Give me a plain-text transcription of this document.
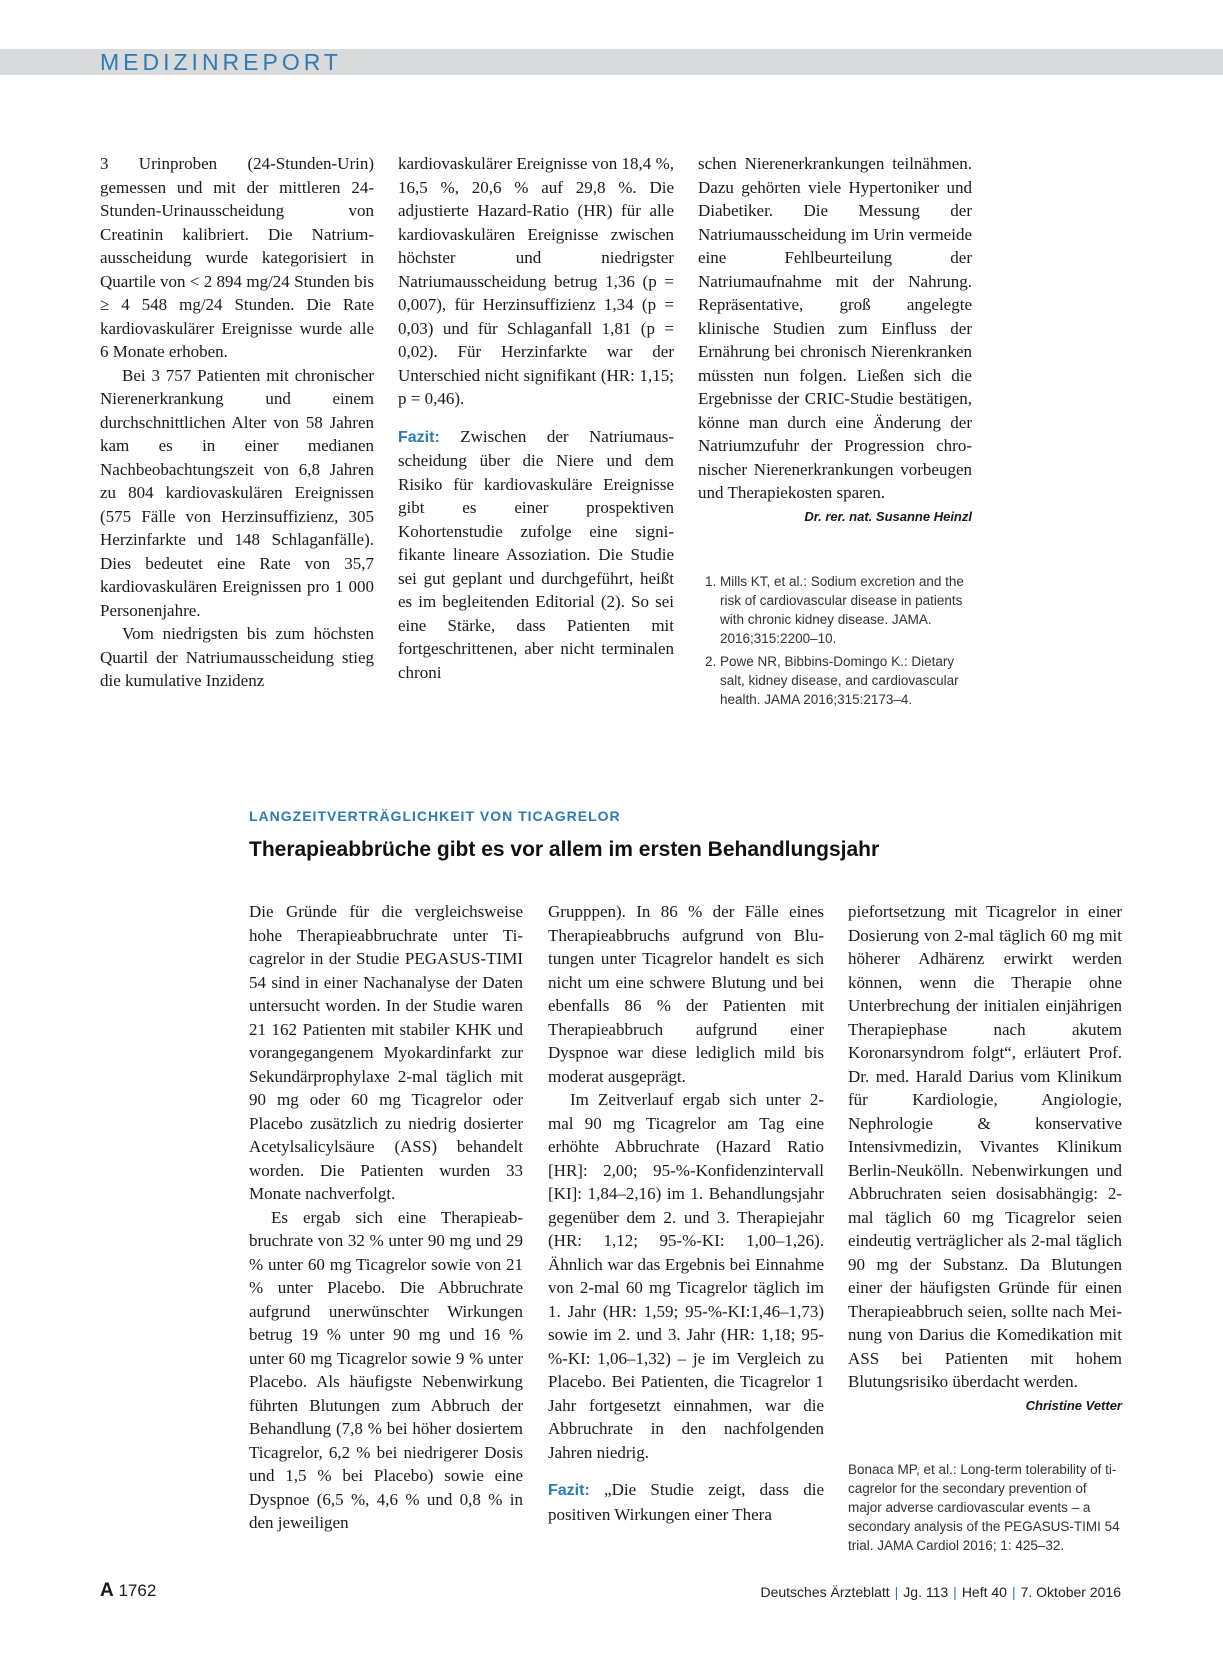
MEDIZINREPORT

3 Urinproben (24-Stunden-Urin) gemessen und mit der mittleren 24-Stunden-Urinausscheidung von Creatinin kalibriert. Die Natriumausscheidung wurde kategorisiert in Quartile von < 2 894 mg/24 Stunden bis ≥ 4 548 mg/24 Stunden. Die Rate kardiovaskulärer Ereignisse wurde alle 6 Monate erhoben.

Bei 3 757 Patienten mit chronischer Nierenerkrankung und einem durchschnittlichen Alter von 58 Jahren kam es in einer medianen Nachbeobachtungszeit von 6,8 Jahren zu 804 kardiovaskulären Ereignissen (575 Fälle von Herzinsuffizienz, 305 Herzinfarkte und 148 Schlaganfälle). Dies bedeutet eine Rate von 35,7 kardiovaskulären Ereignissen pro 1 000 Personenjahre.

Vom niedrigsten bis zum höchsten Quartil der Natriumausscheidung stieg die kumulative Inzidenz

kardiovaskulärer Ereignisse von 18,4 %, 16,5 %, 20,6 % auf 29,8 %. Die adjustierte Hazard-Ratio (HR) für alle kardiovaskulären Ereignisse zwischen höchster und niedrigster Natriumausscheidung betrug 1,36 (p = 0,007), für Herzinsuffizienz 1,34 (p = 0,03) und für Schlaganfall 1,81 (p = 0,02). Für Herzinfarkte war der Unterschied nicht signifikant (HR: 1,15; p = 0,46).

Fazit: Zwischen der Natriumausscheidung über die Niere und dem Risiko für kardiovaskuläre Ereignisse gibt es einer prospektiven Kohortenstudie zufolge eine signifikante lineare Assoziation. Die Studie sei gut geplant und durchgeführt, heißt es im begleitenden Editorial (2). So sei eine Stärke, dass Patienten mit fortgeschrittenen, aber nicht terminalen chroni

schen Nierenerkrankungen teilnähmen. Dazu gehörten viele Hypertoniker und Diabetiker. Die Messung der Natriumausscheidung im Urin vermeide eine Fehlbeurteilung der Natriumaufnahme mit der Nahrung. Repräsentative, groß angelegte klinische Studien zum Einfluss der Ernährung bei chronisch Nierenkranken müssten nun folgen. Ließen sich die Ergebnisse der CRIC-Studie bestätigen, könne man durch eine Änderung der Natriumzufuhr der Progression chronischer Nierenerkrankungen vorbeugen und Therapiekosten sparen.
Dr. rer. nat. Susanne Heinzl

1. Mills KT, et al.: Sodium excretion and the risk of cardiovascular disease in patients with chronic kidney disease. JAMA. 2016;315:2200–10.
2. Powe NR, Bibbins-Domingo K.: Dietary salt, kidney disease, and cardiovascular health. JAMA 2016;315:2173–4.
LANGZEITVERTRÄGLICHKEIT VON TICAGRELOR
Therapieabbrüche gibt es vor allem im ersten Behandlungsjahr

Die Gründe für die vergleichsweise hohe Therapieabbruchrate unter Ticagrelor in der Studie PEGASUS-TIMI 54 sind in einer Nachanalyse der Daten untersucht worden. In der Studie waren 21 162 Patienten mit stabiler KHK und vorangegangenem Myokardinfarkt zur Sekundärprophylaxe 2-mal täglich mit 90 mg oder 60 mg Ticagrelor oder Placebo zusätzlich zu niedrig dosierter Acetylsalicylsäure (ASS) behandelt worden. Die Patienten wurden 33 Monate nachverfolgt.

Es ergab sich eine Therapieabbruchrate von 32 % unter 90 mg und 29 % unter 60 mg Ticagrelor sowie von 21 % unter Placebo. Die Abbruchrate aufgrund unerwünschter Wirkungen betrug 19 % unter 90 mg und 16 % unter 60 mg Ticagrelor sowie 9 % unter Placebo. Als häufigste Nebenwirkung führten Blutungen zum Abbruch der Behandlung (7,8 % bei höher dosiertem Ticagrelor, 6,2 % bei niedrigerer Dosis und 1,5 % bei Placebo) sowie eine Dyspnoe (6,5 %, 4,6 % und 0,8 % in den jeweiligen

Grupppen). In 86 % der Fälle eines Therapieabbruchs aufgrund von Blutungen unter Ticagrelor handelt es sich nicht um eine schwere Blutung und bei ebenfalls 86 % der Patienten mit Therapieabbruch aufgrund einer Dyspnoe war diese lediglich mild bis moderat ausgeprägt.

Im Zeitverlauf ergab sich unter 2-mal 90 mg Ticagrelor am Tag eine erhöhte Abbruchrate (Hazard Ratio [HR]: 2,00; 95-%-Konfidenzintervall [KI]: 1,84–2,16) im 1. Behandlungsjahr gegenüber dem 2. und 3. Therapiejahr (HR: 1,12; 95-%-KI: 1,00–1,26). Ähnlich war das Ergebnis bei Einnahme von 2-mal 60 mg Ticagrelor täglich im 1. Jahr (HR: 1,59; 95-%-KI:1,46–1,73) sowie im 2. und 3. Jahr (HR: 1,18; 95-%-KI: 1,06–1,32) – je im Vergleich zu Placebo. Bei Patienten, die Ticagrelor 1 Jahr fortgesetzt einnahmen, war die Abbruchrate in den nachfolgenden Jahren niedrig.

Fazit: „Die Studie zeigt, dass die positiven Wirkungen einer Thera

piefortsetzung mit Ticagrelor in einer Dosierung von 2-mal täglich 60 mg mit höherer Adhärenz erwirkt werden können, wenn die Therapie ohne Unterbrechung der initialen einjährigen Therapiephase nach akutem Koronarsyndrom folgt“, erläutert Prof. Dr. med. Harald Darius vom Klinikum für Kardiologie, Angiologie, Nephrologie & konservative Intensivmedizin, Vivantes Klinikum Berlin-Neukölln. Nebenwirkungen und Abbruchraten seien dosisabhängig: 2-mal täglich 60 mg Ticagrelor seien eindeutig verträglicher als 2-mal täglich 90 mg der Substanz. Da Blutungen einer der häufigsten Gründe für einen Therapieabbruch seien, sollte nach Meinung von Darius die Komedikation mit ASS bei Patienten mit hohem Blutungsrisiko überdacht werden.

Christine Vetter

Bonaca MP, et al.: Long-term tolerability of ticagrelor for the secondary prevention of major adverse cardiovascular events – a secondary analysis of the PEGASUS-TIMI 54 trial. JAMA Cardiol 2016; 1: 425–32.

A 1762	Deutsches Ärzteblatt | Jg. 113 | Heft 40 | 7. Oktober 2016
